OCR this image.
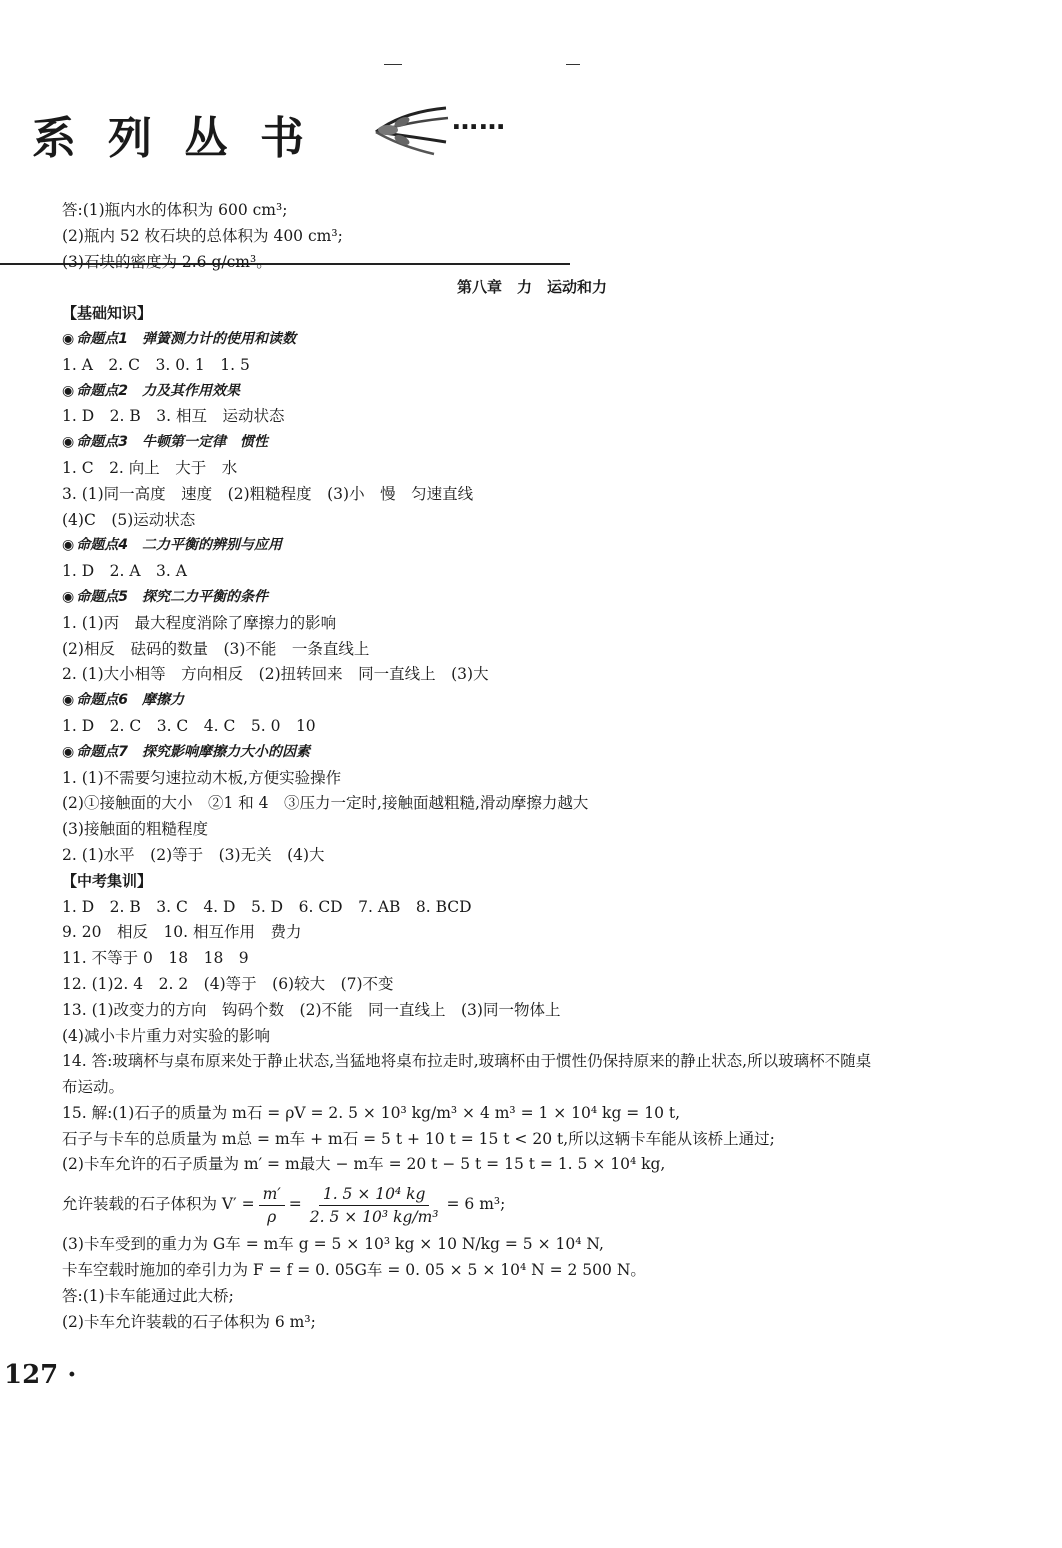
系列丛书	……
答:(1)瓶内水的体积为 600 cm³;
(2)瓶内 52 枚石块的总体积为 400 cm³;
(3)石块的密度为 2.6 g/cm³。
第八章　力　运动和力
【基础知识】
◉ 命题点1　弹簧测力计的使用和读数
1. A　2. C　3. 0. 1　1. 5
◉ 命题点2　力及其作用效果
1. D　2. B　3. 相互　运动状态
◉ 命题点3　牛顿第一定律　惯性
1. C　2. 向上　大于　水
3. (1)同一高度　速度　(2)粗糙程度　(3)小　慢　匀速直线
(4)C　(5)运动状态
◉ 命题点4　二力平衡的辨别与应用
1. D　2. A　3. A
◉ 命题点5　探究二力平衡的条件
1. (1)丙　最大程度消除了摩擦力的影响
(2)相反　砝码的数量　(3)不能　一条直线上
2. (1)大小相等　方向相反　(2)扭转回来　同一直线上　(3)大
◉ 命题点6　摩擦力
1. D　2. C　3. C　4. C　5. 0　10
◉ 命题点7　探究影响摩擦力大小的因素
1. (1)不需要匀速拉动木板,方便实验操作
(2)①接触面的大小　②1 和 4　③压力一定时,接触面越粗糙,滑动摩擦力越大
(3)接触面的粗糙程度
2. (1)水平　(2)等于　(3)无关　(4)大
【中考集训】
1. D　2. B　3. C　4. D　5. D　6. CD　7. AB　8. BCD
9. 20　相反　10. 相互作用　费力
11. 不等于 0　18　18　9
12. (1)2. 4　2. 2　(4)等于　(6)较大　(7)不变
13. (1)改变力的方向　钩码个数　(2)不能　同一直线上　(3)同一物体上
(4)减小卡片重力对实验的影响
14. 答:玻璃杯与桌布原来处于静止状态,当猛地将桌布拉走时,玻璃杯由于惯性仍保持原来的静止状态,所以玻璃杯不随桌布运动。
15. 解:(1)石子的质量为 m石 = ρV = 2. 5 × 10³ kg/m³ × 4 m³ = 1 × 10⁴ kg = 10 t,
石子与卡车的总质量为 m总 = m车 + m石 = 5 t + 10 t = 15 t < 20 t,所以这辆卡车能从该桥上通过;
(2)卡车允许的石子质量为 m′ = m最大 − m车 = 20 t − 5 t = 15 t = 1. 5 × 10⁴ kg,
允许装载的石子体积为 $V' = \frac{m'}{\rho} = \frac{\text{1. 5 × 10⁴ kg}}{\text{2. 5 × 10³ kg/m³}} = 6$ m³;
(3)卡车受到的重力为 G车 = m车 g = 5 × 10³ kg × 10 N/kg = 5 × 10⁴ N,
卡车空载时施加的牵引力为 F = f = 0. 05G车 = 0. 05 × 5 × 10⁴ N = 2 500 N。
答:(1)卡车能通过此大桥;
(2)卡车允许装载的石子体积为 6 m³;
127 ·
